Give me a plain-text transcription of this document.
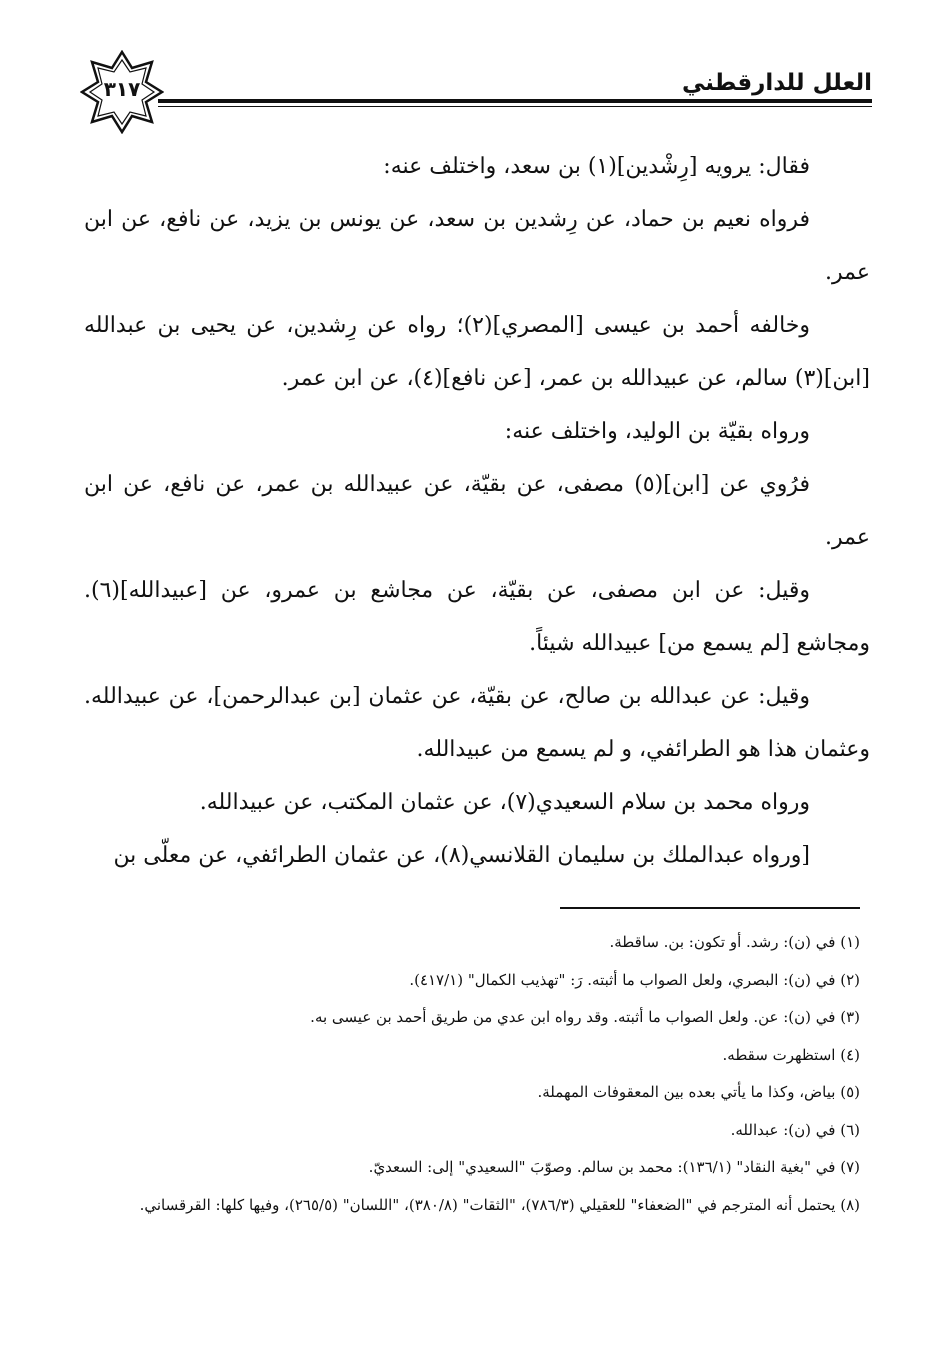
٣١٧	العلل للدارقطني

فقال: يرويه [رِشْدين](١) بن سعد، واختلف عنه:

فرواه نعيم بن حماد، عن رِشدين بن سعد، عن يونس بن يزيد، عن نافع، عن ابن عمر.

وخالفه أحمد بن عيسى [المصري](٢)؛ رواه عن رِشدين، عن يحيى بن عبدالله [ابن](٣) سالم، عن عبيدالله بن عمر، [عن نافع](٤)، عن ابن عمر.

ورواه بقيّة بن الوليد، واختلف عنه:

فرُوي عن [ابن](٥) مصفى، عن بقيّة، عن عبيدالله بن عمر، عن نافع، عن ابن عمر.

وقيل: عن ابن مصفى، عن بقيّة، عن مجاشع بن عمرو، عن [عبيدالله](٦). ومجاشع [لم يسمع من] عبيدالله شيئاً.

وقيل: عن عبدالله بن صالح، عن بقيّة، عن عثمان [بن عبدالرحمن]، عن عبيدالله. وعثمان هذا هو الطرائفي، و لم يسمع من عبيدالله.

ورواه محمد بن سلام السعيدي(٧)، عن عثمان المكتب، عن عبيدالله.

[ورواه عبدالملك بن سليمان القلانسي(٨)، عن عثمان الطرائفي، عن معلّى بن

(١) في (ن): رشد. أو تكون: بن. ساقطة.

(٢) في (ن): البصري، ولعل الصواب ما أثبته. رَ: "تهذيب الكمال" (٤١٧/١).

(٣) في (ن): عن. ولعل الصواب ما أثبته. وقد رواه ابن عدي من طريق أحمد بن عيسى به.

(٤) استظهرت سقطه.

(٥) بياض، وكذا ما يأتي بعده بين المعقوفات المهملة.

(٦) في (ن): عبدالله.

(٧) في "بغية النقاد" (١٣٦/١): محمد بن سالم. وصوّبَ "السعيدي" إلى: السعديّ.

(٨) يحتمل أنه المترجم في "الضعفاء" للعقيلي (٧٨٦/٣)، "الثقات" (٣٨٠/٨)، "اللسان" (٢٦٥/٥)، وفيها كلها: القرقساني.
